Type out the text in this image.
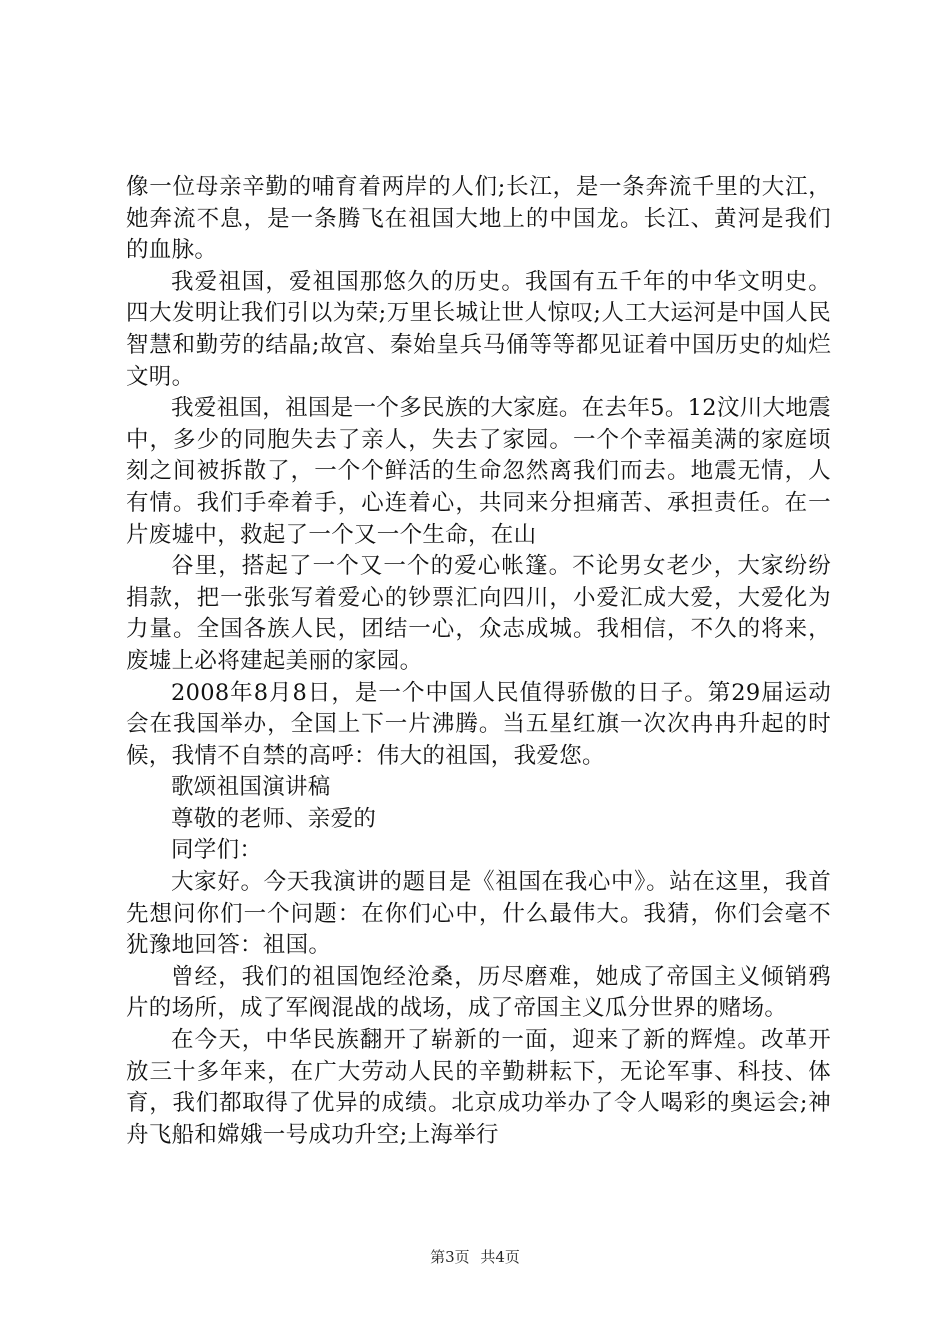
像一位母亲辛勤的哺育着两岸的人们;长江，是一条奔流千里的大江，她奔流不息，是一条腾飞在祖国大地上的中国龙。长江、黄河是我们的血脉。

我爱祖国，爱祖国那悠久的历史。我国有五千年的中华文明史。四大发明让我们引以为荣;万里长城让世人惊叹;人工大运河是中国人民智慧和勤劳的结晶;故宫、秦始皇兵马俑等等都见证着中国历史的灿烂文明。

我爱祖国，祖国是一个多民族的大家庭。在去年5。12汶川大地震中，多少的同胞失去了亲人，失去了家园。一个个幸福美满的家庭顷刻之间被拆散了，一个个鲜活的生命忽然离我们而去。地震无情，人有情。我们手牵着手，心连着心，共同来分担痛苦、承担责任。在一片废墟中，救起了一个又一个生命，在山

谷里，搭起了一个又一个的爱心帐篷。不论男女老少，大家纷纷捐款，把一张张写着爱心的钞票汇向四川，小爱汇成大爱，大爱化为力量。全国各族人民，团结一心，众志成城。我相信，不久的将来，废墟上必将建起美丽的家园。

2008年8月8日，是一个中国人民值得骄傲的日子。第29届运动会在我国举办，全国上下一片沸腾。当五星红旗一次次冉冉升起的时候，我情不自禁的高呼：伟大的祖国，我爱您。

歌颂祖国演讲稿

尊敬的老师、亲爱的

同学们：

大家好。今天我演讲的题目是《祖国在我心中》。站在这里，我首先想问你们一个问题：在你们心中，什么最伟大。我猜，你们会毫不犹豫地回答：祖国。

曾经，我们的祖国饱经沧桑，历尽磨难，她成了帝国主义倾销鸦片的场所，成了军阀混战的战场，成了帝国主义瓜分世界的赌场。

在今天，中华民族翻开了崭新的一面，迎来了新的辉煌。改革开放三十多年来，在广大劳动人民的辛勤耕耘下，无论军事、科技、体育，我们都取得了优异的成绩。北京成功举办了令人喝彩的奥运会;神舟飞船和嫦娥一号成功升空;上海举行

第3页 共4页
